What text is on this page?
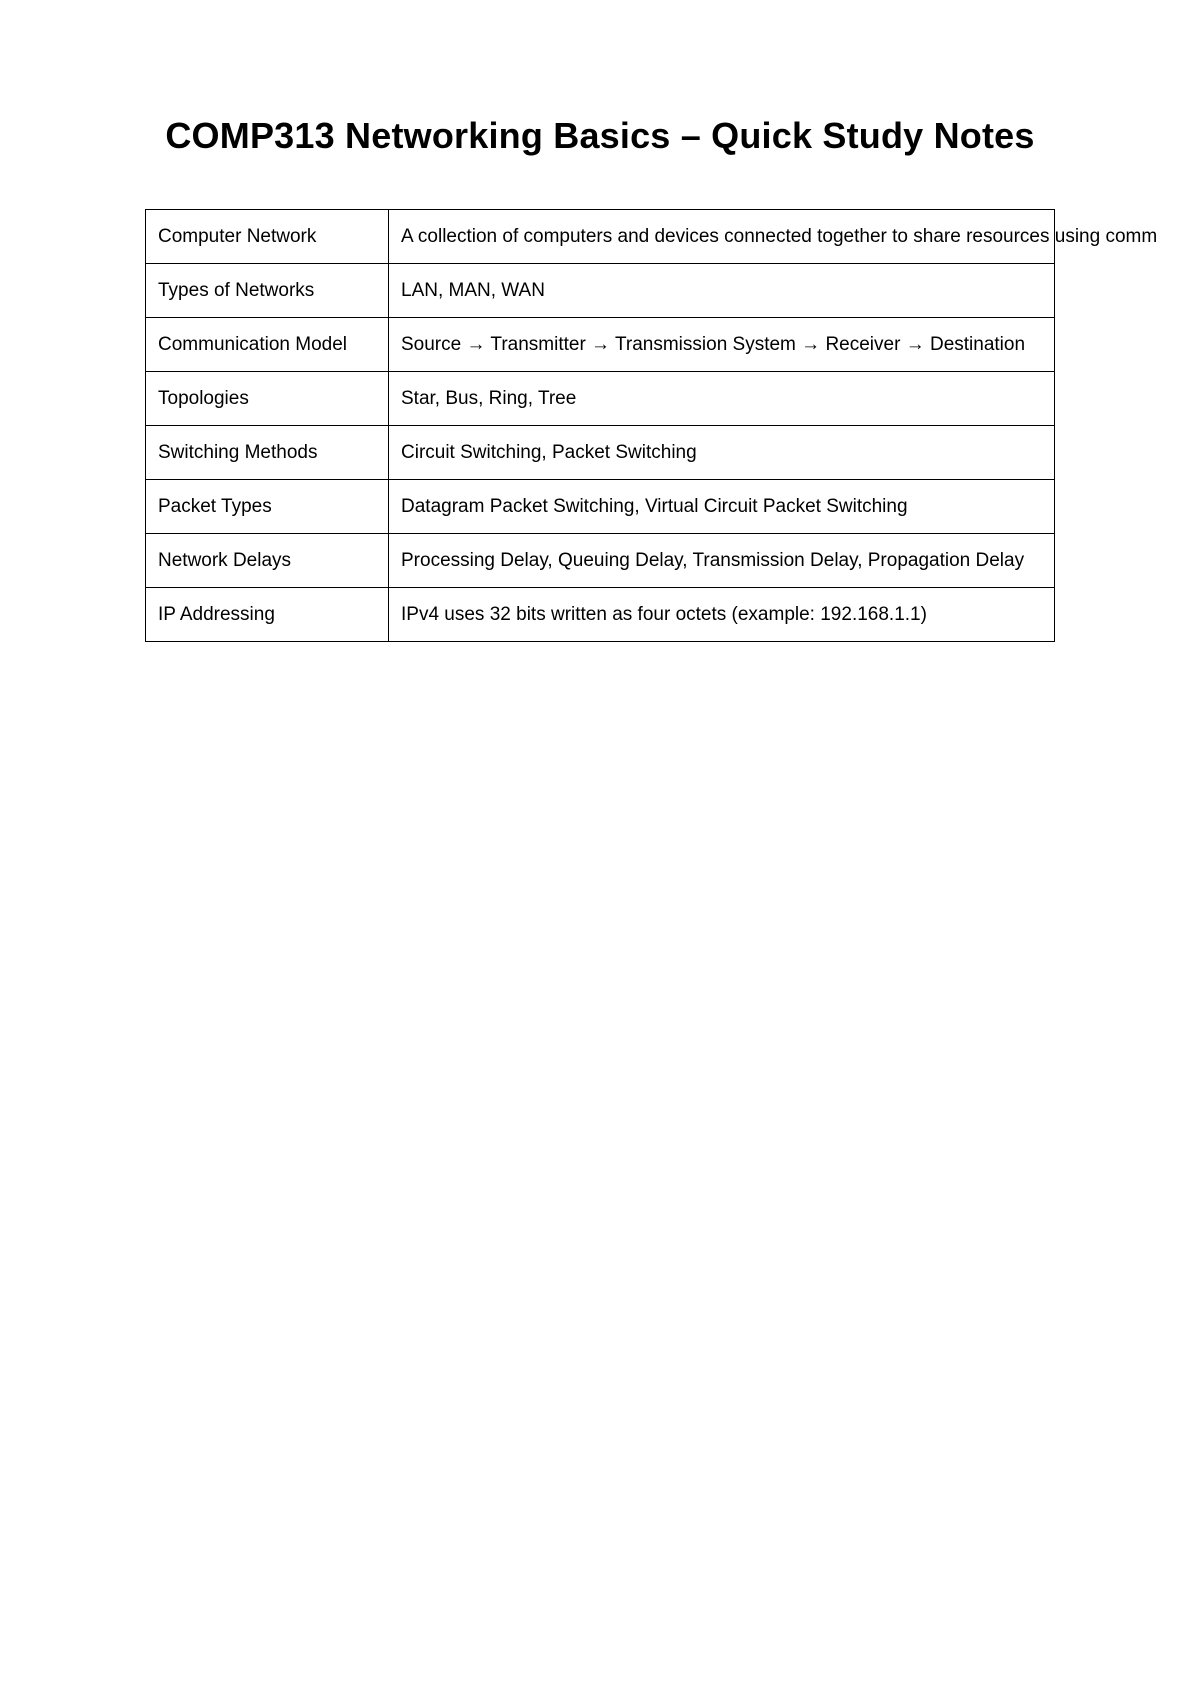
COMP313 Networking Basics – Quick Study Notes
Computer Network	A collection of computers and devices connected together to share resources using comm
Types of Networks	LAN, MAN, WAN
Communication Model	Source → Transmitter → Transmission System → Receiver → Destination
Topologies	Star, Bus, Ring, Tree
Switching Methods	Circuit Switching, Packet Switching
Packet Types	Datagram Packet Switching, Virtual Circuit Packet Switching
Network Delays	Processing Delay, Queuing Delay, Transmission Delay, Propagation Delay
IP Addressing	IPv4 uses 32 bits written as four octets (example: 192.168.1.1)
